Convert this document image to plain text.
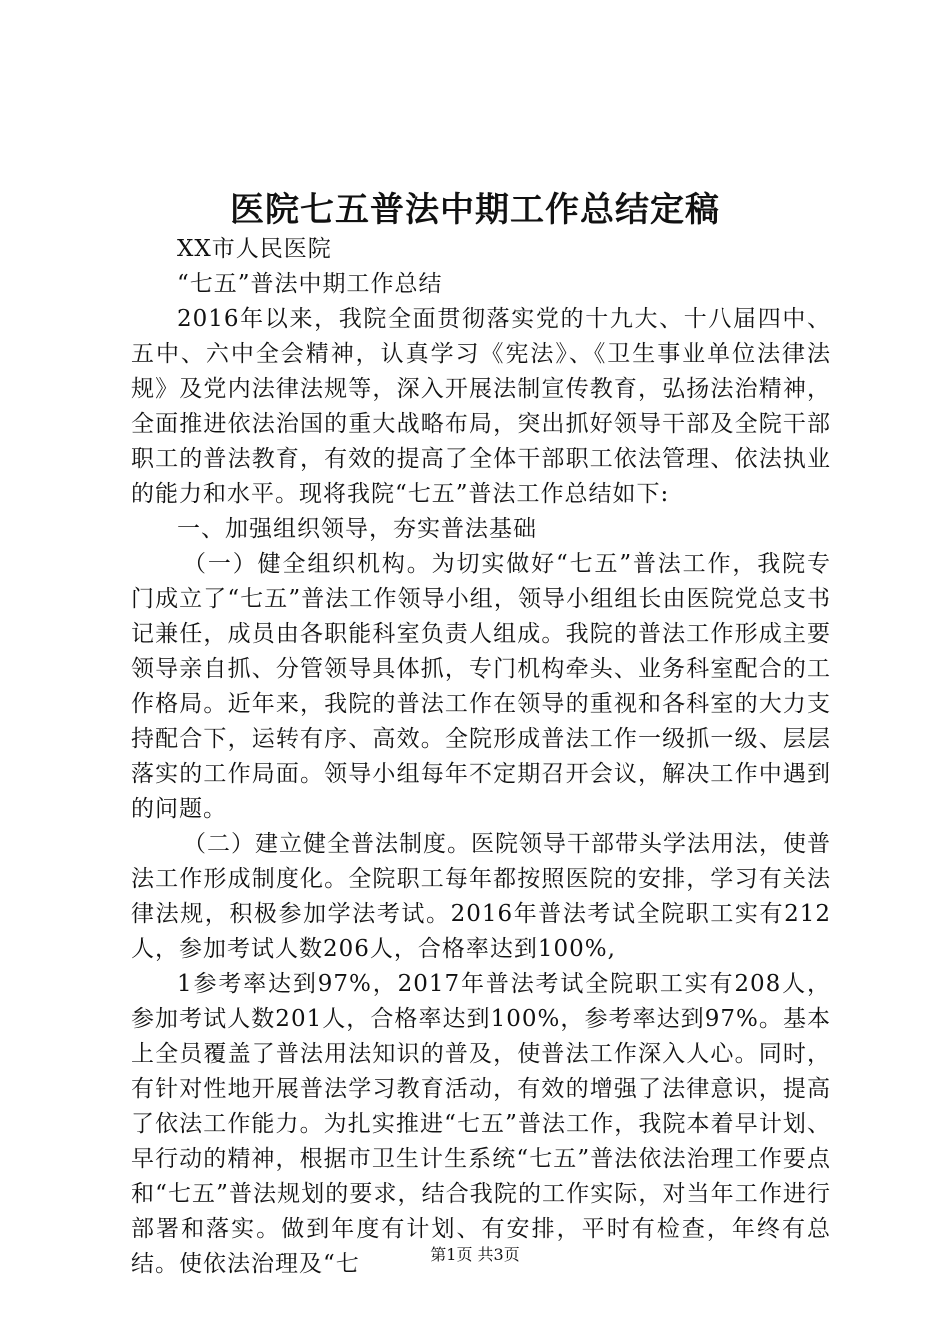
医院七五普法中期工作总结定稿

XX市人民医院

“七五”普法中期工作总结

2016年以来，我院全面贯彻落实党的十九大、十八届四中、五中、六中全会精神，认真学习《宪法》、《卫生事业单位法律法规》及党内法律法规等，深入开展法制宣传教育，弘扬法治精神，全面推进依法治国的重大战略布局，突出抓好领导干部及全院干部职工的普法教育，有效的提高了全体干部职工依法管理、依法执业的能力和水平。现将我院“七五”普法工作总结如下:

一、加强组织领导，夯实普法基础

（一）健全组织机构。为切实做好“七五”普法工作，我院专门成立了“七五”普法工作领导小组，领导小组组长由医院党总支书记兼任，成员由各职能科室负责人组成。我院的普法工作形成主要领导亲自抓、分管领导具体抓，专门机构牵头、业务科室配合的工作格局。近年来，我院的普法工作在领导的重视和各科室的大力支持配合下，运转有序、高效。全院形成普法工作一级抓一级、层层落实的工作局面。领导小组每年不定期召开会议，解决工作中遇到的问题。

（二）建立健全普法制度。医院领导干部带头学法用法，使普法工作形成制度化。全院职工每年都按照医院的安排，学习有关法律法规，积极参加学法考试。2016年普法考试全院职工实有212人，参加考试人数206人，合格率达到100%,

1参考率达到97%，2017年普法考试全院职工实有208人，参加考试人数201人，合格率达到100%，参考率达到97%。基本上全员覆盖了普法用法知识的普及，使普法工作深入人心。同时，有针对性地开展普法学习教育活动，有效的增强了法律意识，提高了依法工作能力。为扎实推进“七五”普法工作，我院本着早计划、早行动的精神，根据市卫生计生系统“七五”普法依法治理工作要点和“七五”普法规划的要求，结合我院的工作实际，对当年工作进行部署和落实。做到年度有计划、有安排，平时有检查，年终有总结。使依法治理及“七	第1页 共3页
